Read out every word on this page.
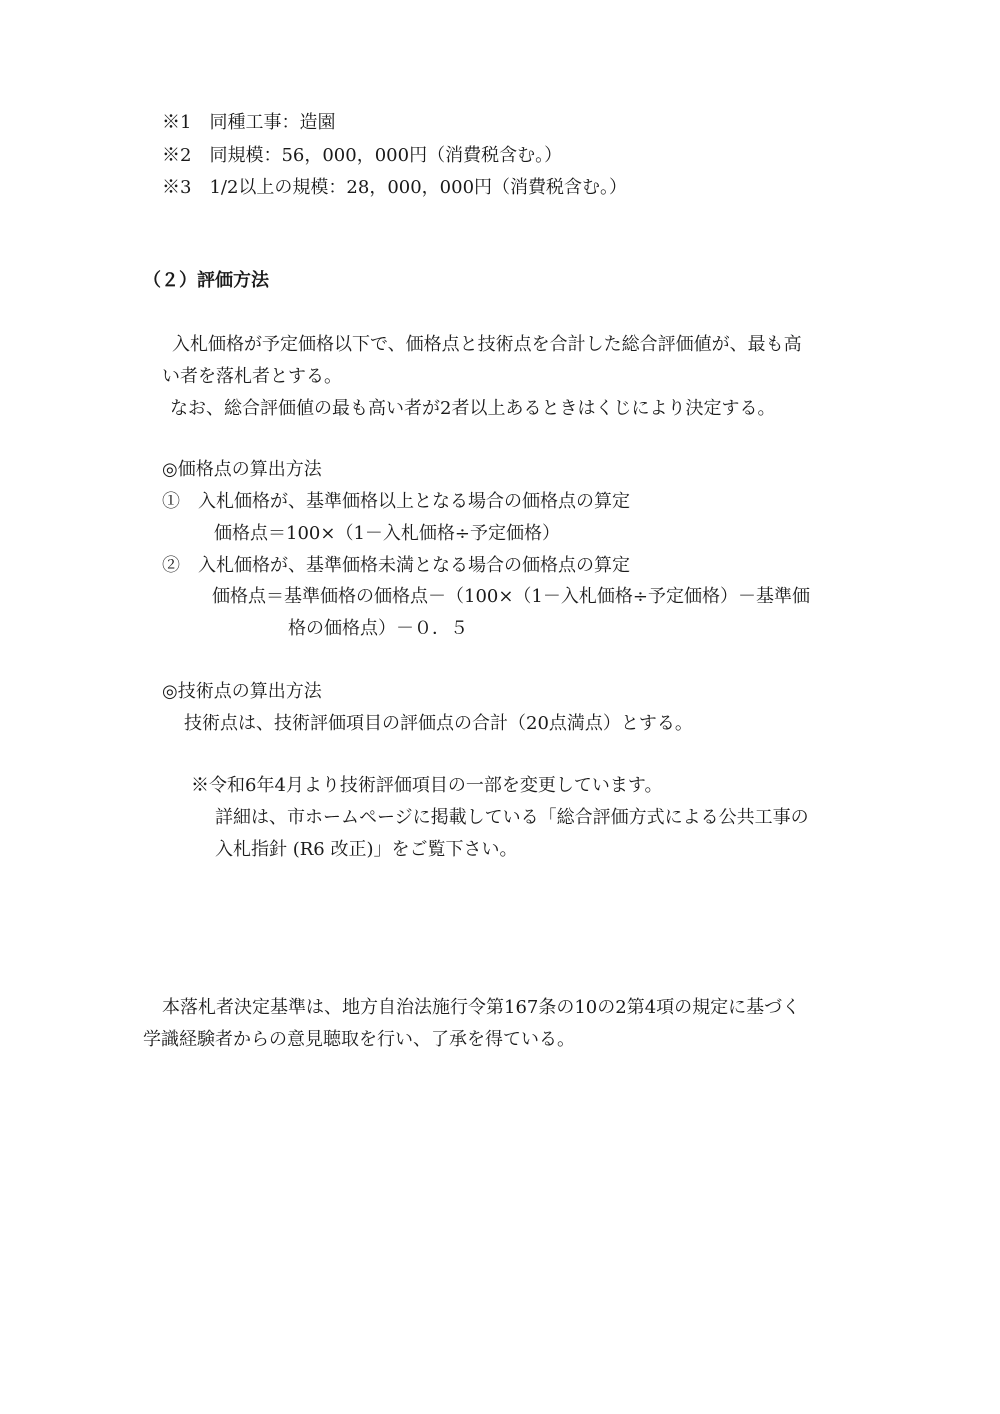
※1　同種工事：造園
※2　同規模：56，000，000円（消費税含む。）
※3　1/2以上の規模：28，000，000円（消費税含む。）
（２）評価方法
入札価格が予定価格以下で、価格点と技術点を合計した総合評価値が、最も高
い者を落札者とする。
なお、総合評価値の最も高い者が2者以上あるときはくじにより決定する。
◎価格点の算出方法
①　入札価格が、基準価格以上となる場合の価格点の算定
価格点＝100×（1－入札価格÷予定価格）
②　入札価格が、基準価格未満となる場合の価格点の算定
価格点＝基準価格の価格点－（100×（1－入札価格÷予定価格）－基準価
格の価格点）－０．５
◎技術点の算出方法
技術点は、技術評価項目の評価点の合計（20点満点）とする。
※令和6年4月より技術評価項目の一部を変更しています。
詳細は、市ホームページに掲載している「総合評価方式による公共工事の
入札指針 (R6 改正)」をご覧下さい。
本落札者決定基準は、地方自治法施行令第167条の10の2第4項の規定に基づく
学識経験者からの意見聴取を行い、了承を得ている。
